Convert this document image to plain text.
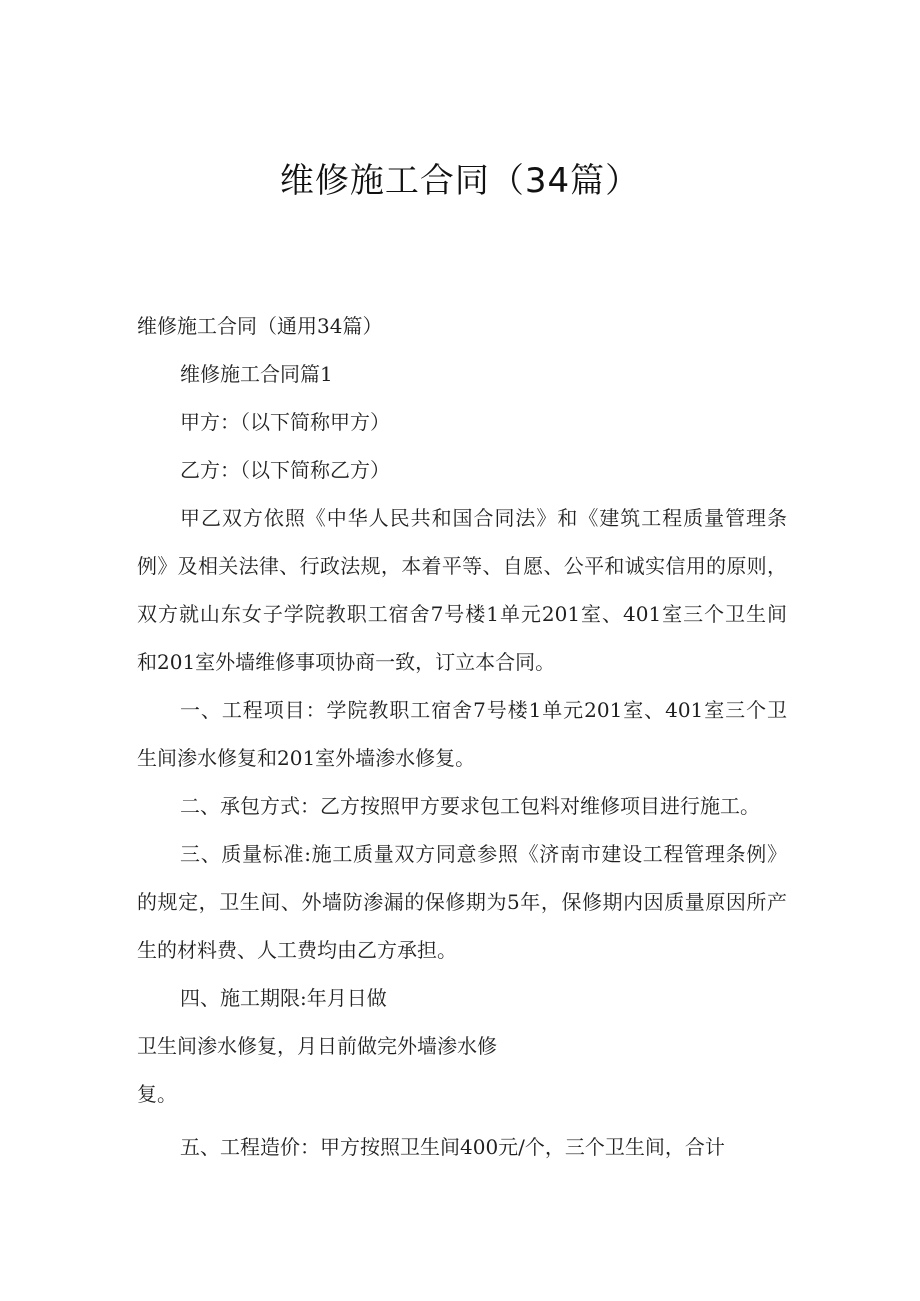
维修施工合同（34篇）
维修施工合同（通用34篇）
维修施工合同篇1
甲方：（以下简称甲方）
乙方：（以下简称乙方）
甲乙双方依照《中华人民共和国合同法》和《建筑工程质量管理条
例》及相关法律、行政法规，本着平等、自愿、公平和诚实信用的原则，
双方就山东女子学院教职工宿舍7号楼1单元201室、401室三个卫生间
和201室外墙维修事项协商一致，订立本合同。
一、工程项目：学院教职工宿舍7号楼1单元201室、401室三个卫
生间渗水修复和201室外墙渗水修复。
二、承包方式：乙方按照甲方要求包工包料对维修项目进行施工。
三、质量标准:施工质量双方同意参照《济南市建设工程管理条例》
的规定，卫生间、外墙防渗漏的保修期为5年，保修期内因质量原因所产
生的材料费、人工费均由乙方承担。
四、施工期限:年月日做
卫生间渗水修复，月日前做完外墙渗水修
复。
五、工程造价：甲方按照卫生间400元/个，三个卫生间，合计
